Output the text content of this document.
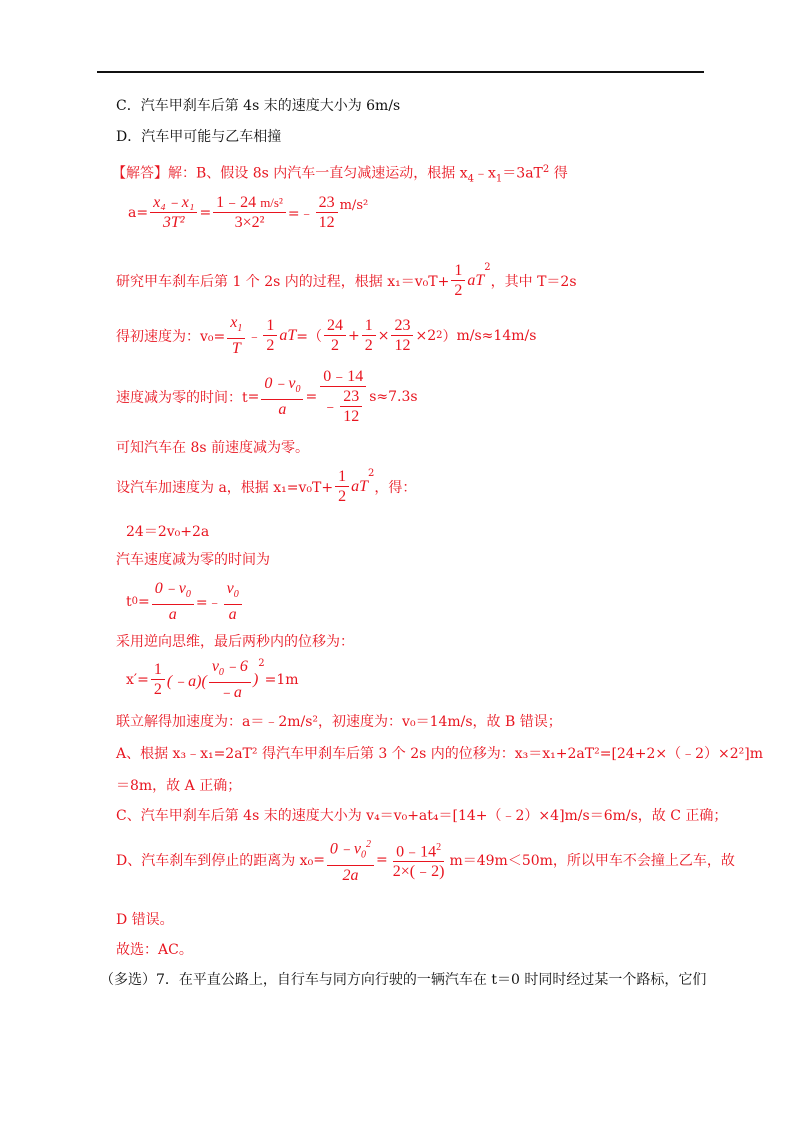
C．汽车甲刹车后第 4s 末的速度大小为 6m/s
D．汽车甲可能与乙车相撞
【解答】解：B、假设 8s 内汽车一直匀减速运动，根据 $x_4﹣x_1=3aT^2$ 得
$a = \frac{\text{x₄﹣x₁}}{\text{3T²}} = \frac{\text{1﹣24 m/s²}}{\text{3×2²}}$ =﹣ $\frac{23}{12} m/s^2$
研究甲车刹车后第 1 个 2s 内的过程，根据 $x_1=v_0T+ \frac{1}{2}$ aT
$^2$
， 其中 T＝2s
得初速度为：$v_0= \frac{x_1}{T}$ ﹣ $\frac{1}{2}$ aT =（ $\frac{24}{2} + \frac{1}{2} \times \frac{23}{12} \times 2$ 2 ） m/s≈14m/s
速度减为零的时间：$t = \frac{0﹣v_0}{a} = \frac{0﹣14}{﹣ \frac{23}{12}} s\approx 7.3s$
可知汽车在 8s 前速度减为零。
设汽车加速度为 a，根据 $x_1=v_0T+ \frac{1}{2}$ aT
$^2$
，得：
24＝2v₀+2a
汽车速度减为零的时间为
t $0 = \frac{0﹣v_0}{a}$ =﹣ $\frac{v_0}{a}$
采用逆向思维，最后两秒内的位移为：
$x'= \frac{1}{2}$ (﹣a)( $\frac{v_0﹣6}{﹣a}$ )
2
=1m
联立解得加速度为：a＝﹣2m/s²，初速度为：v₀＝14m/s，故 B 错误；
A、根据 x₃﹣x₁=2aT² 得汽车甲刹车后第 3 个 2s 内的位移为：x₃＝x₁+2aT²=[24+2×（﹣2）×2²]m
＝8m，故 A 正确；
C、汽车甲刹车后第 4s 末的速度大小为 v₄＝v₀+at₄＝[14+（﹣2）×4]m/s＝6m/s，故 C 正确；
D、汽车刹车到停止的距离为 $x_0 = \frac{0﹣v_0^2}{2a} = \frac{0﹣14^2}{2\times(﹣2)} m=49m<50m$，所以甲车不会撞上乙车，故
D 错误。
故选：AC。
（多选）7．在平直公路上，自行车与同方向行驶的一辆汽车在 t＝0 时同时经过某一个路标，它们
